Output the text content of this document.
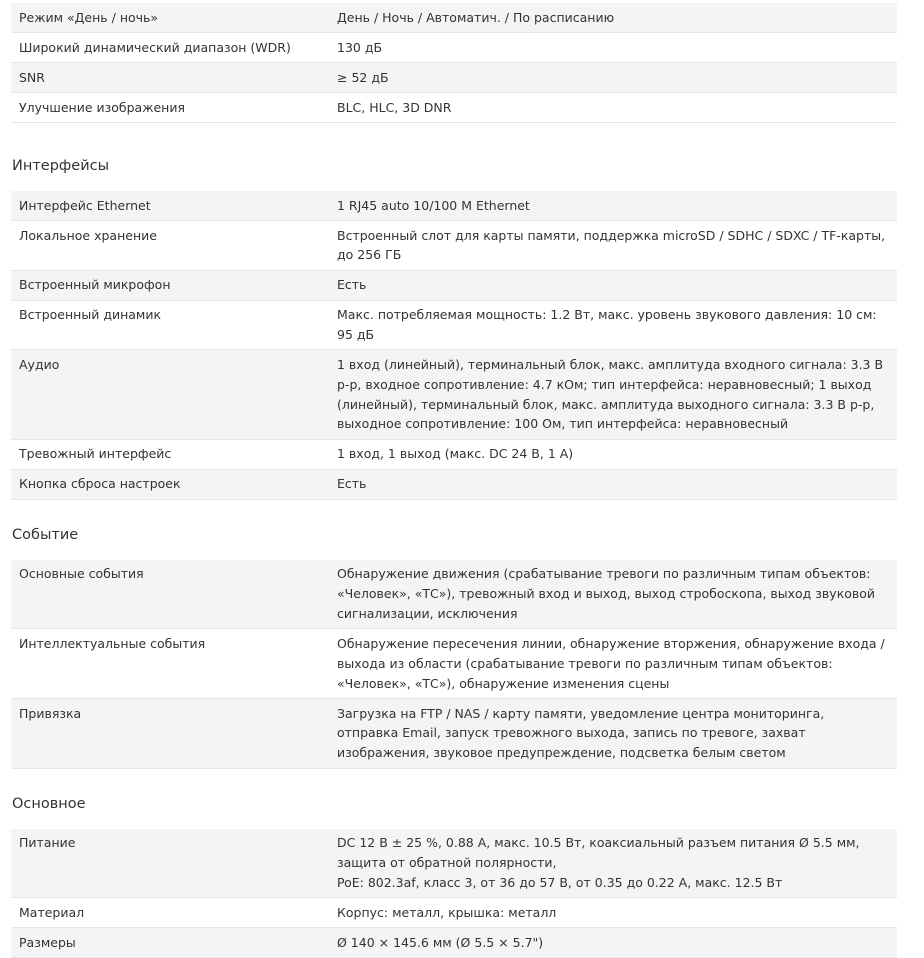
Режим «День / ночь»	День / Ночь / Автоматич. / По расписанию

Широкий динамический диапазон (WDR)	130 дБ

SNR	≥ 52 дБ

Улучшение изображения	BLC, HLC, 3D DNR
Интерфейсы
Интерфейс Ethernet	1 RJ45 auto 10/100 M Ethernet

Локальное хранение	Встроенный слот для карты памяти, поддержка microSD / SDHC / SDXC / TF-карты, до 256 ГБ

Встроенный микрофон	Есть

Встроенный динамик	Макс. потребляемая мощность: 1.2 Вт, макс. уровень звукового давления: 10 см: 95 дБ

Аудио	1 вход (линейный), терминальный блок, макс. амплитуда входного сигнала: 3.3 В p-p, входное сопротивление: 4.7 кОм; тип интерфейса: неравновесный; 1 выход (линейный), терминальный блок, макс. амплитуда выходного сигнала: 3.3 В p-p, выходное сопротивление: 100 Ом, тип интерфейса: неравновесный

Тревожный интерфейс	1 вход, 1 выход (макс. DC 24 В, 1 А)

Кнопка сброса настроек	Есть
Событие
Основные события	Обнаружение движения (срабатывание тревоги по различным типам объектов: «Человек», «ТС»), тревожный вход и выход, выход стробоскопа, выход звуковой сигнализации, исключения

Интеллектуальные события	Обнаружение пересечения линии, обнаружение вторжения, обнаружение входа / выхода из области (срабатывание тревоги по различным типам объектов: «Человек», «ТС»), обнаружение изменения сцены

Привязка	Загрузка на FTP / NAS / карту памяти, уведомление центра мониторинга, отправка Email, запуск тревожного выхода, запись по тревоге, захват изображения, звуковое предупреждение, подсветка белым светом
Основное
Питание	DC 12 В ± 25 %, 0.88 А, макс. 10.5 Вт, коаксиальный разъем питания Ø 5.5 мм, защита от обратной полярности,
PoE: 802.3af, класс 3, от 36 до 57 В, от 0.35 до 0.22 А, макс. 12.5 Вт

Материал	Корпус: металл, крышка: металл

Размеры	Ø 140 × 145.6 мм (Ø 5.5 × 5.7")
